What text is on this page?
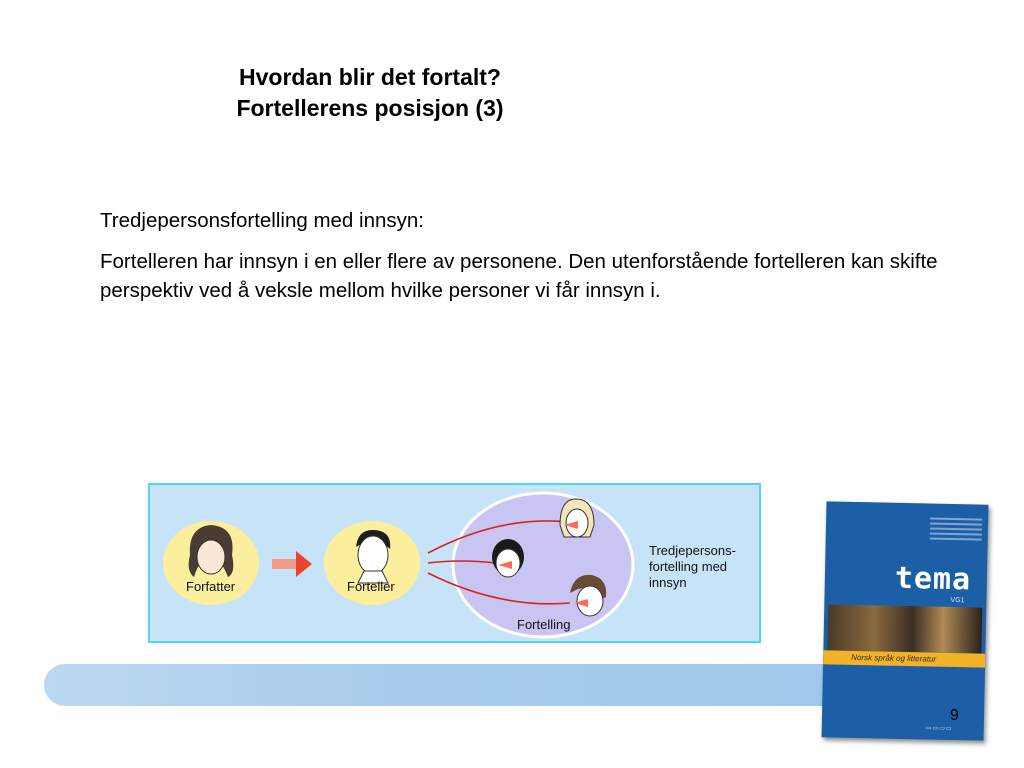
Hvordan blir det fortalt?
Fortellerens posisjon (3)

Tredjepersonsfortelling med innsyn:

Fortelleren har innsyn i en eller flere av personene. Den utenforstående fortelleren kan skifte perspektiv ved å veksle mellom hvilke personer vi får innsyn i.

Forfatter	Forteller
Fortelling
Tredjepersons-
fortelling med
innsyn	tema
VG1
Norsk språk og litteratur
▭▭▭▭
9
